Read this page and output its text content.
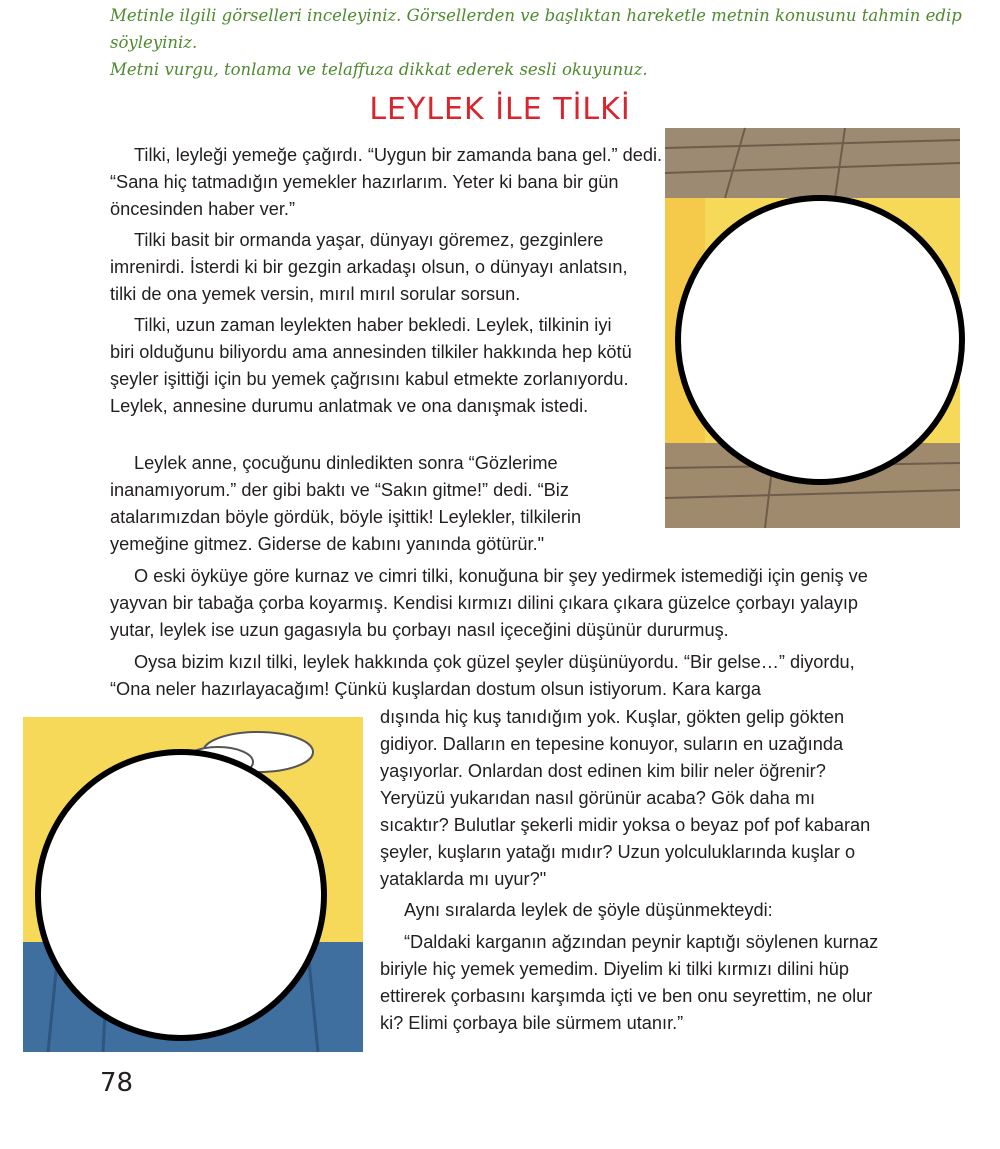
Metinle ilgili görselleri inceleyiniz. Görsellerden ve başlıktan hareketle metnin konusunu tahmin edip söyleyiniz.

Metni vurgu, tonlama ve telaffuza dikkat ederek sesli okuyunuz.

LEYLEK İLE TİLKİ

Tilki, leyleği yemeğe çağırdı. “Uygun bir zamanda bana gel.” dedi. “Sana hiç tatmadığın yemekler hazırlarım. Yeter ki bana bir gün öncesinden haber ver.”

Tilki basit bir ormanda yaşar, dünyayı göremez, gezginlere imrenirdi. İsterdi ki bir gezgin arkadaşı olsun, o dünyayı anlatsın, tilki de ona yemek versin, mırıl mırıl sorular sorsun.

Tilki, uzun zaman leylekten haber bekledi. Leylek, tilkinin iyi biri olduğunu biliyordu ama annesinden tilkiler hakkında hep kötü şeyler işittiği için bu yemek çağrısını kabul etmekte zorlanıyordu. Leylek, annesine durumu anlatmak ve ona danışmak istedi.

Leylek anne, çocuğunu dinledikten sonra “Gözlerime inanamıyorum.” der gibi baktı ve “Sakın gitme!” dedi. “Biz atalarımızdan böyle gördük, böyle işittik! Leylekler, tilkilerin yemeğine gitmez. Giderse de kabını yanında götürür."

O eski öyküye göre kurnaz ve cimri tilki, konuğuna bir şey yedirmek istemediği için geniş ve yayvan bir tabağa çorba koyarmış. Kendisi kırmızı dilini çıkara çıkara güzelce çorbayı yalayıp yutar, leylek ise uzun gagasıyla bu çorbayı nasıl içeceğini düşünür dururmuş.

Oysa bizim kızıl tilki, leylek hakkında çok güzel şeyler düşünüyordu. “Bir gelse…” diyordu, “Ona neler hazırlayacağım! Çünkü kuşlardan dostum olsun istiyorum. Kara karga

dışında hiç kuş tanıdığım yok. Kuşlar, gökten gelip gökten gidiyor. Dalların en tepesine konuyor, suların en uzağında yaşıyorlar. Onlardan dost edinen kim bilir neler öğrenir? Yeryüzü yukarıdan nasıl görünür acaba? Gök daha mı sıcaktır? Bulutlar şekerli midir yoksa o beyaz pof pof kabaran şeyler, kuşların yatağı mıdır? Uzun yolculuklarında kuşlar o yataklarda mı uyur?"

Aynı sıralarda leylek de şöyle düşünmekteydi:

“Daldaki karganın ağzından peynir kaptığı söylenen kurnaz biriyle hiç yemek yemedim. Diyelim ki tilki kırmızı dilini hüp ettirerek çorbasını karşımda içti ve ben onu seyrettim, ne olur ki? Elimi çorbaya bile sürmem utanır.”

78
